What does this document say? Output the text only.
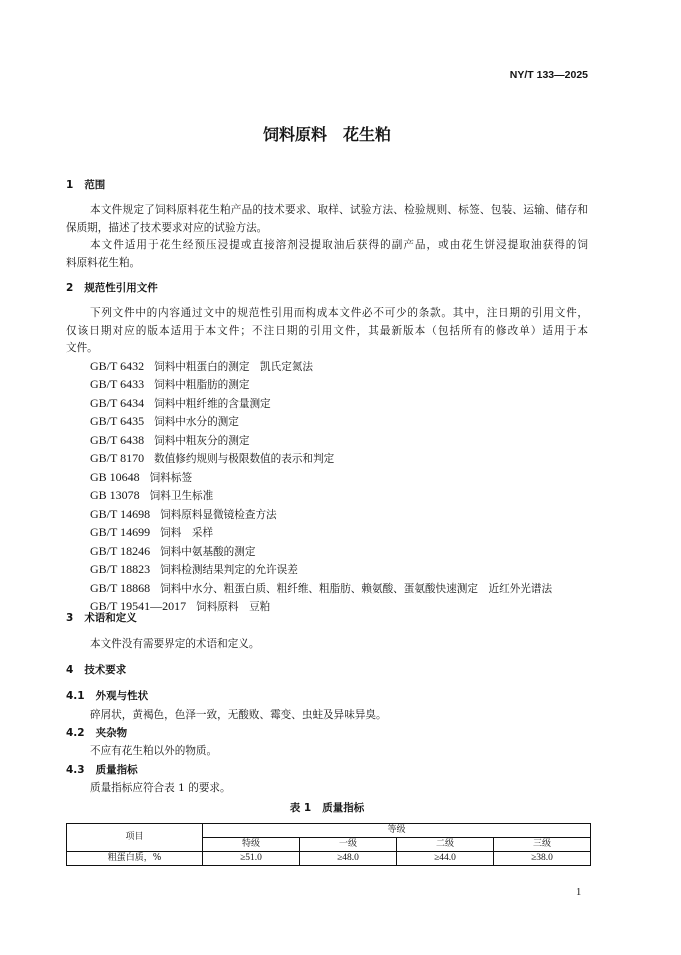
NY/T 133—2025
饲料原料　花生粕
1 范围
本文件规定了饲料原料花生粕产品的技术要求、取样、试验方法、检验规则、标签、包装、运输、储存和
保质期，描述了技术要求对应的试验方法。
本文件适用于花生经预压浸提或直接溶剂浸提取油后获得的副产品，或由花生饼浸提取油获得的饲
料原料花生粕。
2 规范性引用文件
下列文件中的内容通过文中的规范性引用而构成本文件必不可少的条款。其中，注日期的引用文件，
仅该日期对应的版本适用于本文件；不注日期的引用文件，其最新版本（包括所有的修改单）适用于本
文件。
GB/T 6432 饲料中粗蛋白的测定　凯氏定氮法
GB/T 6433 饲料中粗脂肪的测定
GB/T 6434 饲料中粗纤维的含量测定
GB/T 6435 饲料中水分的测定
GB/T 6438 饲料中粗灰分的测定
GB/T 8170 数值修约规则与极限数值的表示和判定
GB 10648 饲料标签
GB 13078 饲料卫生标准
GB/T 14698 饲料原料显微镜检查方法
GB/T 14699 饲料　采样
GB/T 18246 饲料中氨基酸的测定
GB/T 18823 饲料检测结果判定的允许误差
GB/T 18868 饲料中水分、粗蛋白质、粗纤维、粗脂肪、赖氨酸、蛋氨酸快速测定　近红外光谱法
GB/T 19541—2017 饲料原料　豆粕
3 术语和定义
本文件没有需要界定的术语和定义。
4 技术要求
4.1 外观与性状
碎屑状，黄褐色，色泽一致，无酸败、霉变、虫蛀及异味异臭。
4.2 夹杂物
不应有花生粕以外的物质。
4.3 质量指标
质量指标应符合表 1 的要求。
表 1 质量指标
项目	等级			
	特级	一级	二级	三级
粗蛋白质，%	≥51.0	≥48.0	≥44.0	≥38.0
1
